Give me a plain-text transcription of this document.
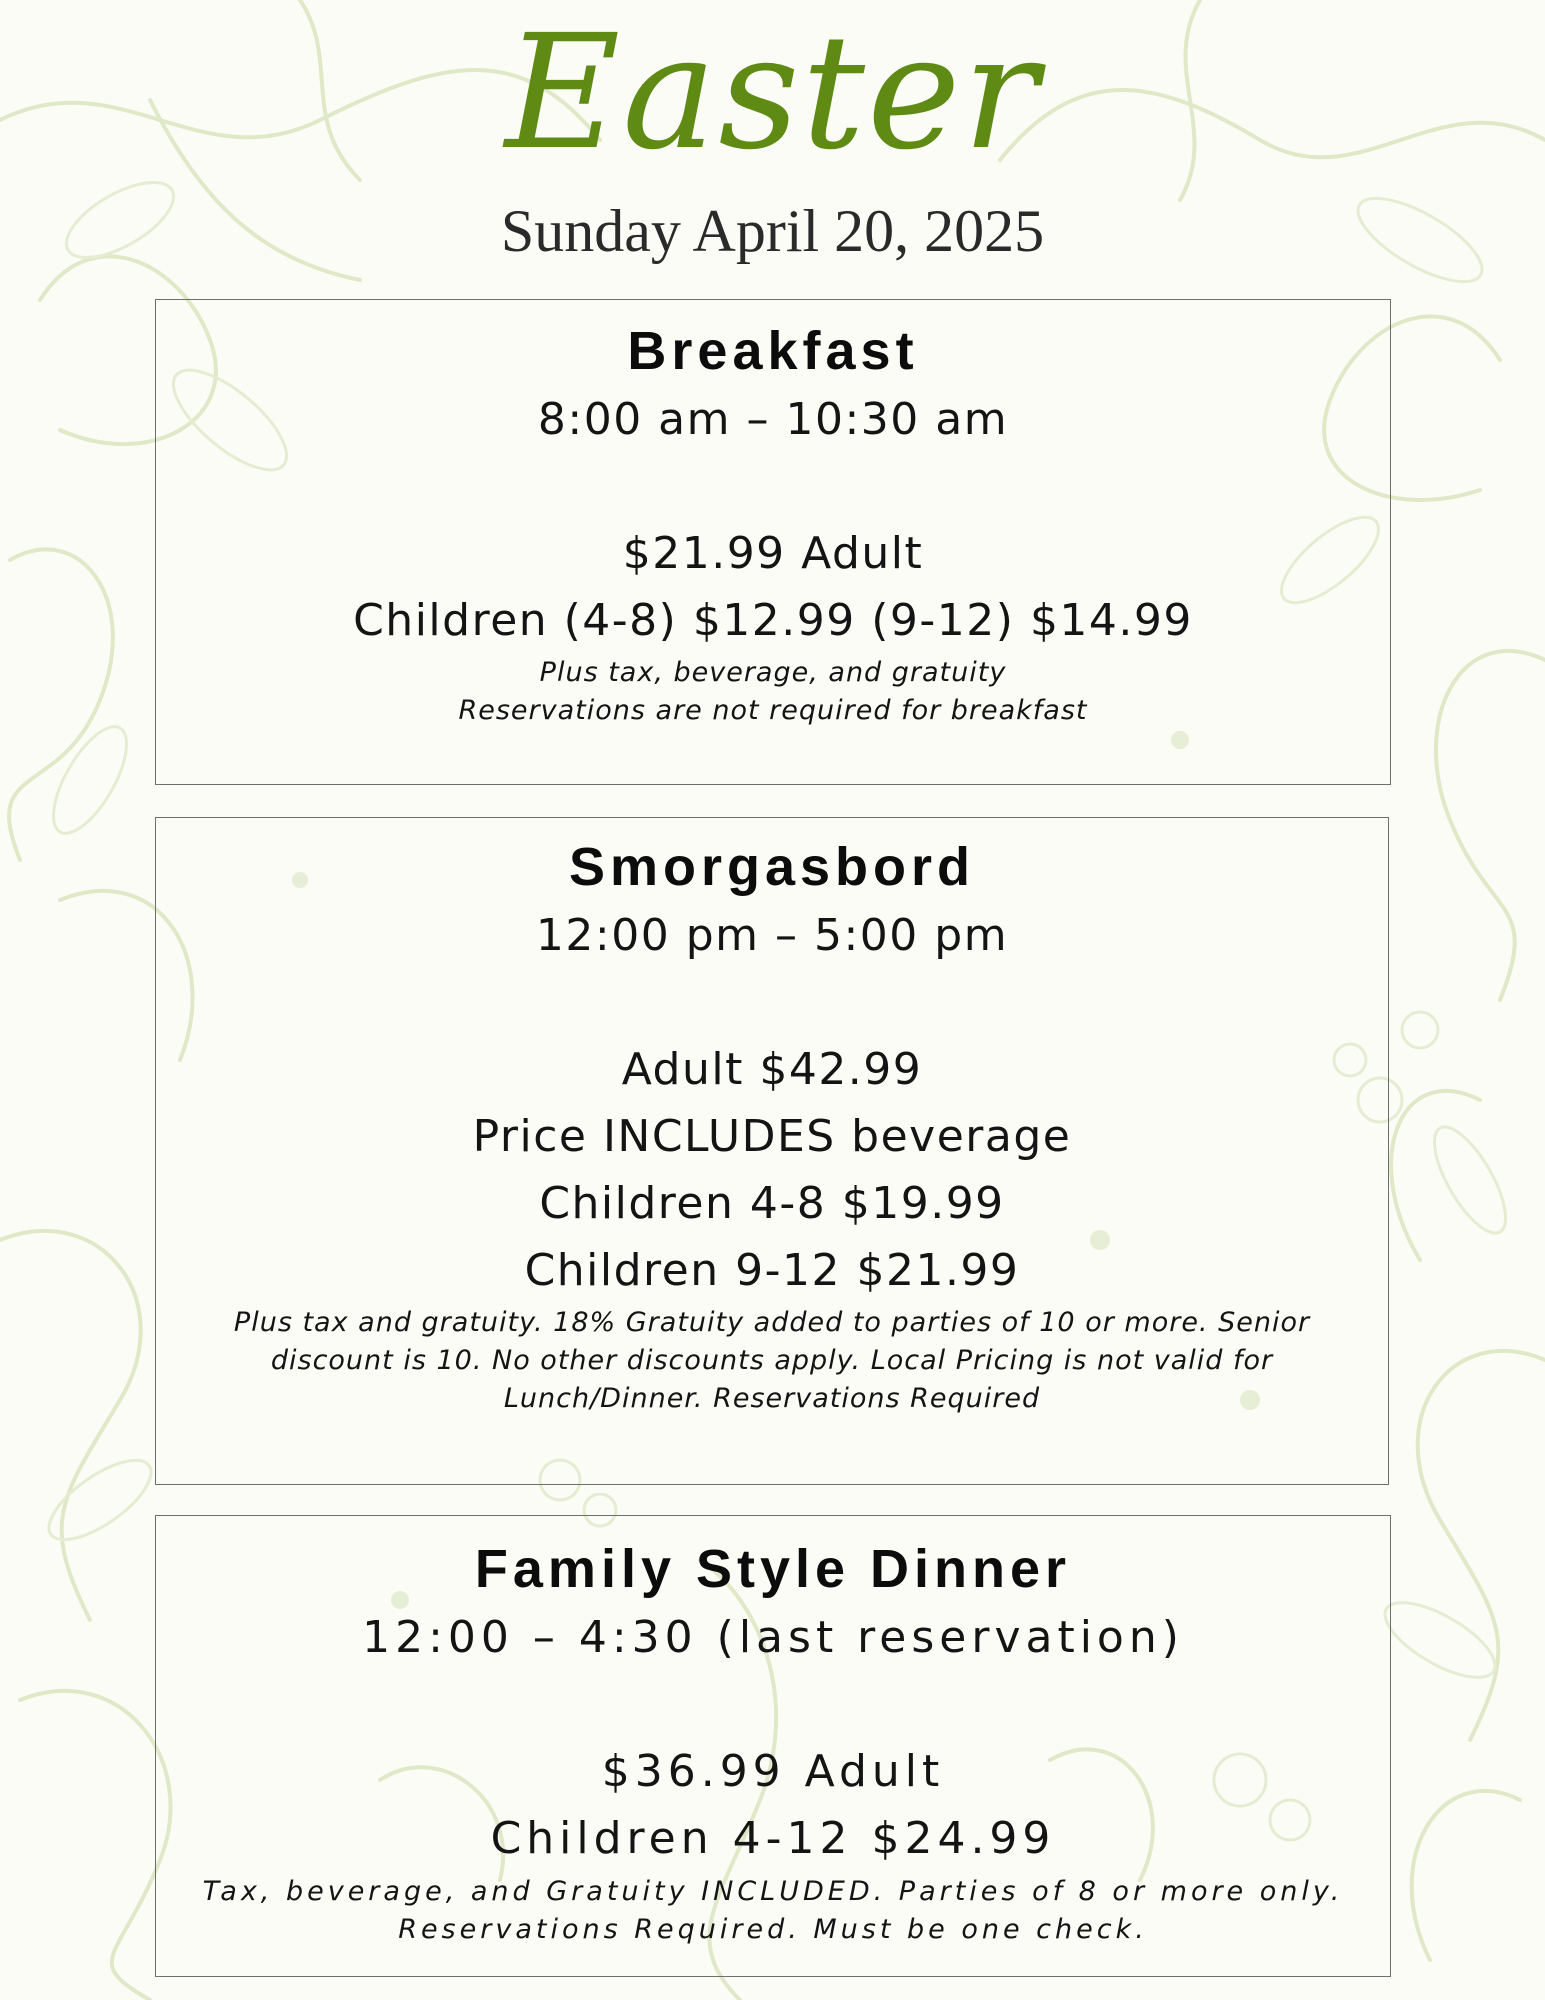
Easter
Sunday April 20, 2025
Breakfast
8:00 am – 10:30 am
$21.99 Adult
Children (4-8) $12.99 (9-12) $14.99
Plus tax, beverage, and gratuity
Reservations are not required for breakfast
Smorgasbord
12:00 pm – 5:00 pm
Adult $42.99
Price INCLUDES beverage
Children 4-8 $19.99
Children 9-12 $21.99
Plus tax and gratuity. 18% Gratuity added to parties of 10 or more. Senior
discount is 10. No other discounts apply. Local Pricing is not valid for
Lunch/Dinner. Reservations Required
Family Style Dinner
12:00 – 4:30 (last reservation)
$36.99 Adult
Children 4-12 $24.99
Tax, beverage, and Gratuity INCLUDED. Parties of 8 or more only.
Reservations Required. Must be one check.
